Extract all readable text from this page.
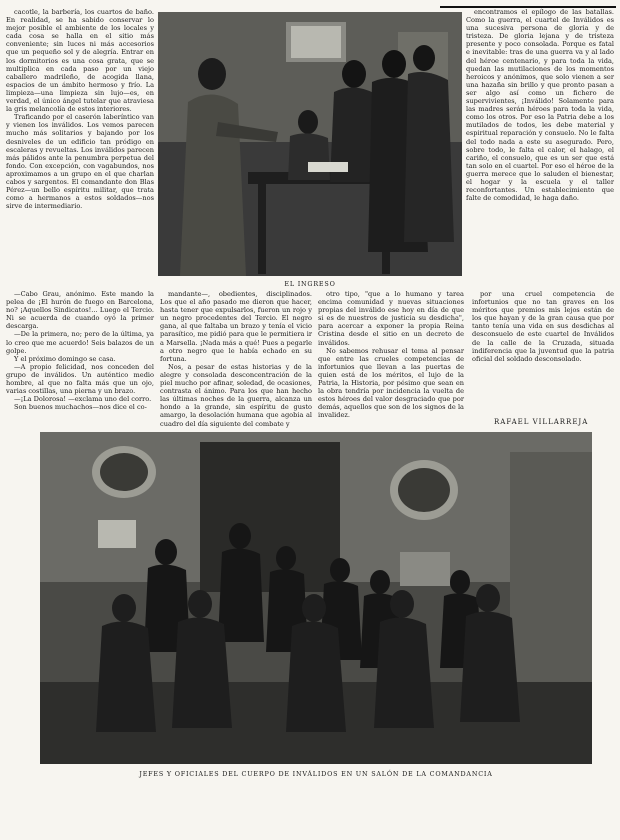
cacotle, la barbería, los cuartos de baño. En realidad, se ha sabido conservar lo mejor posible el ambiente de los locales y cada cosa se halla en el sitio más conveniente; sin luces ni más accesorios que un pequeño sol y de alegría. Entrar en los dormitorios es una cosa grata, que se multiplica en cada paso por un viejo caballero madrileño, de acogida llana, espacios de un ámbito hermoso y frío. La limpieza—una limpieza sin lujo—es, en verdad, el único ángel tutelar que atraviesa la gris melancolía de estos interiores.

Traficando por el caserón laberíntico van y vienen los inválidos. Los vemos parecen mucho más solitarios y bajando por los desniveles de un edificio tan pródigo en escaleras y revueltas. Los inválidos parecen más pálidos ante la penumbra perpetua del fondo. Con excepción, con vagabundos, nos aproximamos a un grupo en el que charlan cabos y sargentos. El comandante don Blas Pérez—un bello espíritu militar, que trata como a hermanos a estos soldados—nos sirve de intermediario.

EL INGRESO

encontramos el epílogo de las batallas. Como la guerra, el cuartel de Inválidos es una sucesiva persona de gloria y de tristeza. De gloria lejana y de tristeza presente y poco consolada. Porque es fatal e inevitable: tras de una guerra va y al lado del héroe centenario, y para toda la vida, quedan las mutilaciones de los momentos heroicos y anónimos, que solo vienen a ser una hazaña sin brillo y que pronto pasan a ser algo así como un fichero de supervivientes, ¡Inválido! Solamente para las madres serán héroes para toda la vida, como los otros. Por eso la Patria debe a los mutilados de todos, les debe material y espiritual reparación y consuelo. No le falta del todo nada a este su asegurado. Pero, sobre todo, le falta el calor, el halago, el cariño, el consuelo, que es un ser que está tan solo en el cuartel. Por eso el héroe de la guerra merece que lo saluden el bienestar, el hogar y la escuela y el taller reconfortantes. Un establecimiento que falte de comodidad, le haga daño.

—Cabo Grau, anónimo. Este mando la pelea de ¡El hurón de fuego en Barcelona, no? ¡Aquellos Sindicatos!... Luego el Tercio. Ni se acuerda de cuando oyó la primer descarga.

—De la primera, no; pero de la última, ya lo creo que me acuerdo! Seis balazos de un golpe.

Y el próximo domingo se casa.

—A propio felicidad, nos conceden del grupo de inválidos. Un auténtico medio hombre, al que no falta más que un ojo, varias costillas, una pierna y un brazo.

—¡La Dolorosa! —exclama uno del corro.

Son buenos muchachos—nos dice el co-

mandante—, obedientes, disciplinados. Los que el año pasado me dieron que hacer, hasta tener que expulsarlos, fueron un rojo y un negro procedentes del Tercio. El negro gana, al que faltaba un brazo y tenía el vicio parasítico, me pidió para que le permitiera ir a Marsella. ¡Nada más a qué! Pues a pegarle a otro negro que le había echado en su fortuna.

Nos, a pesar de estas historias y de la alegre y consolada desconcentración de la piel mucho por afinar, soledad, de ocasiones, contrasta el ánimo. Para los que han hecho las últimas noches de la guerra, alcanza un hondo a la grande, sin espíritu de gusto amargo, la desolación humana que agobia al cuadro del día siguiente del combate y

otro tipo, "que a lo humano y tarea encima comunidad y nuevas situaciones propias del inválido ese hoy en día de que si es de nuestros de justicia su desdicha", para acercar a exponer la propia Reina Cristina desde el sitio en un decreto de inválidos.

No sabemos rehusar el tema al pensar que entre las crueles competencias de infortunios que llevan a las puertas de quien está de los méritos, el lujo de la Patria, la Historia, por pésimo que sean en la obra tendría por incidencia la vuelta de estos héroes del valor desgraciado que por demás, aquellos que son de los signos de la invalidez.

por una cruel competencia de infortunios que no tan graves en los méritos que premios mis lejos están de los que hayan y de la gran causa que por tanto tenía una vida en sus desdichas al desconsuelo de este cuartel de Inválidos de la calle de la Cruzada, situada indiferencia que la juventud que la patria oficial del soldado desconsolado.

RAFAEL VILLARREJA
JEFES Y OFICIALES DEL CUERPO DE INVÁLIDOS EN UN SALÓN DE LA COMANDANCIA
